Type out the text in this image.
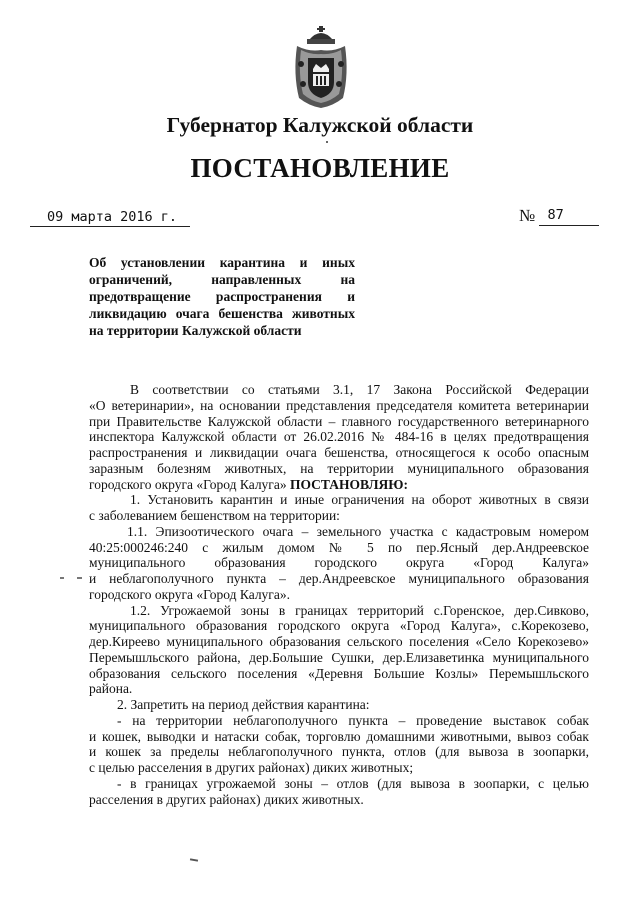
Губернатор Калужской области
ПОСТАНОВЛЕНИЕ
09 марта 2016 г.	№ 87
Об установлении карантина и иных
ограничений, направленных на
предотвращение распространения и
ликвидацию очага бешенства животных
на территории Калужской области
В соответствии со статьями 3.1, 17 Закона Российской Федерации
«О ветеринарии», на основании представления председателя комитета ветеринарии
при Правительстве Калужской области – главного государственного ветеринарного
инспектора Калужской области от 26.02.2016 № 484-16 в целях предотвращения
распространения и ликвидации очага бешенства, относящегося к особо опасным
заразным болезням животных, на территории муниципального образования
городского округа «Город Калуга» ПОСТАНОВЛЯЮ:
1. Установить карантин и иные ограничения на оборот животных в связи
с заболеванием бешенством на территории:
1.1. Эпизоотического очага – земельного участка с кадастровым номером
40:25:000246:240 с жилым домом № 5 по пер.Ясный дер.Андреевское
муниципального образования городского округа «Город Калуга»
и неблагополучного пункта – дер.Андреевское муниципального образования
городского округа «Город Калуга».
1.2. Угрожаемой зоны в границах территорий с.Горенское, дер.Сивково,
муниципального образования городского округа «Город Калуга», с.Корекозево,
дер.Киреево муниципального образования сельского поселения «Село Корекозево»
Перемышльского района, дер.Большие Сушки, дер.Елизаветинка муниципального
образования сельского поселения «Деревня Большие Козлы» Перемышльского
района.
2. Запретить на период действия карантина:
- на территории неблагополучного пункта – проведение выставок собак
и кошек, выводки и натаски собак, торговлю домашними животными, вывоз собак
и кошек за пределы неблагополучного пункта, отлов (для вывоза в зоопарки,
с целью расселения в других районах) диких животных;
- в границах угрожаемой зоны – отлов (для вывоза в зоопарки, с целью
расселения в других районах) диких животных.
